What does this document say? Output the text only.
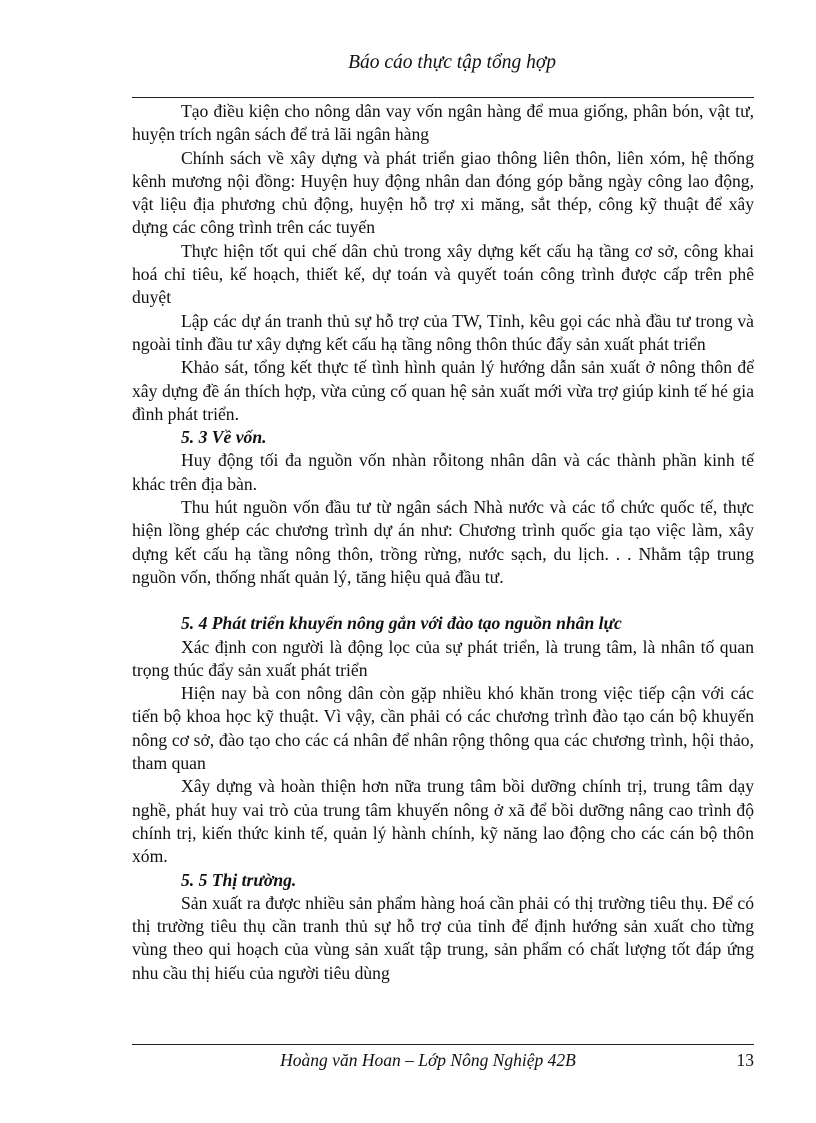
Báo cáo thực tập tổng hợp

Tạo điều kiện cho nông dân vay vốn ngân hàng để mua giống, phân bón, vật tư, huyện trích ngân sách để trả lãi ngân hàng

Chính sách về xây dựng và phát triển giao thông liên thôn, liên xóm, hệ thống kênh mương nội đồng: Huyện huy động nhân dan đóng góp bằng ngày công lao động, vật liệu địa phương chủ động, huyện hỗ trợ xi măng, sắt thép, công kỹ thuật để xây dựng các công trình trên các tuyến

Thực hiện tốt qui chế dân chủ trong xây dựng kết cấu hạ tầng cơ sở, công khai hoá chỉ tiêu, kế hoạch, thiết kế, dự toán và quyết toán công trình được cấp trên phê duyệt

Lập các dự án tranh thủ sự hỗ trợ của TW, Tỉnh, kêu gọi các nhà đầu tư trong và ngoài tỉnh đầu tư xây dựng kết cấu hạ tầng nông thôn thúc đẩy sản xuất phát triển

Khảo sát, tổng kết thực tế tình hình quản lý hướng dẫn sản xuất ở nông thôn để xây dựng đề án thích hợp, vừa củng cố quan hệ sản xuất mới vừa trợ giúp kinh tế hé gia đình phát triển.

5. 3 Về vốn.

Huy động tối đa nguồn vốn nhàn rỗitong nhân dân và các thành phần kinh tế khác trên địa bàn.

Thu hút nguồn vốn đầu tư từ ngân sách Nhà nước và các tổ chức quốc tế, thực hiện lồng ghép các chương trình dự án như: Chương trình quốc gia tạo việc làm, xây dựng kết cấu hạ tầng nông thôn, trồng rừng, nước sạch, du lịch. . . Nhằm tập trung nguồn vốn, thống nhất quản lý, tăng hiệu quả đầu tư.

5. 4 Phát triển khuyến nông gắn với đào tạo nguồn nhân lực

Xác định con người là động lọc của sự phát triển, là trung tâm, là nhân tố quan trọng thúc đẩy sản xuất phát triển

Hiện nay bà con nông dân còn gặp nhiều khó khăn trong việc tiếp cận với các tiến bộ khoa học kỹ thuật. Vì vậy, cần phải có các chương trình đào tạo cán bộ khuyến nông cơ sở, đào tạo cho các cá nhân để nhân rộng thông qua các chương trình, hội thảo, tham quan

Xây dựng và hoàn thiện hơn nữa trung tâm bồi dưỡng chính trị, trung tâm dạy nghề, phát huy vai trò của trung tâm khuyến nông ở xã để bồi dưỡng nâng cao trình độ chính trị, kiến thức kinh tế, quản lý hành chính, kỹ năng lao động cho các cán bộ thôn xóm.

5. 5 Thị trường.

Sản xuất ra được nhiều sản phẩm hàng hoá cần phải có thị trường tiêu thụ. Để có thị trường tiêu thụ cần tranh thủ sự hỗ trợ của tỉnh để định hướng sản xuất cho từng vùng theo qui hoạch của vùng sản xuất tập trung, sản phẩm có chất lượng tốt đáp ứng nhu cầu thị hiếu của người tiêu dùng

Hoàng văn Hoan – Lớp Nông Nghiệp 42B	13
